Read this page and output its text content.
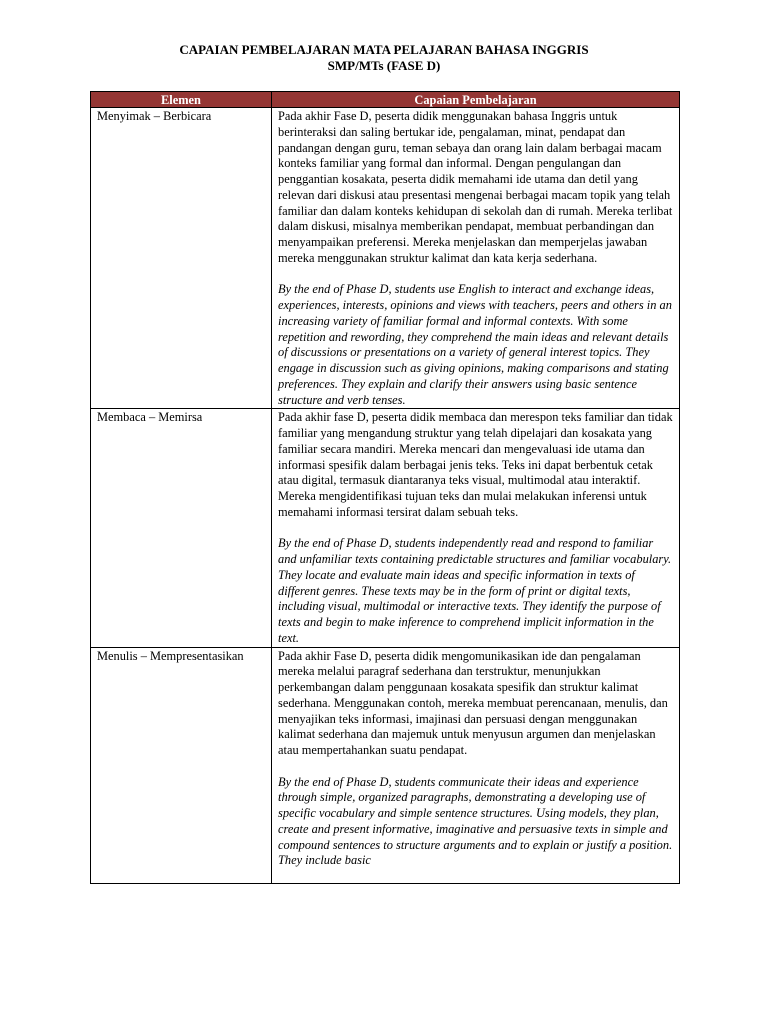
CAPAIAN PEMBELAJARAN MATA PELAJARAN BAHASA INGGRIS
SMP/MTs (FASE D)
Elemen	Capaian Pembelajaran
Menyimak – Berbicara	Pada akhir Fase D, peserta didik menggunakan bahasa Inggris untuk berinteraksi dan saling bertukar ide, pengalaman, minat, pendapat dan pandangan dengan guru, teman sebaya dan orang lain dalam berbagai macam konteks familiar yang formal dan informal. Dengan pengulangan dan penggantian kosakata, peserta didik memahami ide utama dan detil yang relevan dari diskusi atau presentasi mengenai berbagai macam topik yang telah familiar dan dalam konteks kehidupan di sekolah dan di rumah. Mereka terlibat dalam diskusi, misalnya memberikan pendapat, membuat perbandingan dan menyampaikan preferensi. Mereka menjelaskan dan memperjelas jawaban mereka menggunakan struktur kalimat dan kata kerja sederhana.

By the end of Phase D, students use English to interact and exchange ideas, experiences, interests, opinions and views with teachers, peers and others in an increasing variety of familiar formal and informal contexts. With some repetition and rewording, they comprehend the main ideas and relevant details of discussions or presentations on a variety of general interest topics. They engage in discussion such as giving opinions, making comparisons and stating preferences. They explain and clarify their answers using basic sentence structure and verb tenses.

Membaca – Memirsa	Pada akhir fase D, peserta didik membaca dan merespon teks familiar dan tidak familiar yang mengandung struktur yang telah dipelajari dan kosakata yang familiar secara mandiri. Mereka mencari dan mengevaluasi ide utama dan informasi spesifik dalam berbagai jenis teks. Teks ini dapat berbentuk cetak atau digital, termasuk diantaranya teks visual, multimodal atau interaktif. Mereka mengidentifikasi tujuan teks dan mulai melakukan inferensi untuk memahami informasi tersirat dalam sebuah teks.

By the end of Phase D, students independently read and respond to familiar and unfamiliar texts containing predictable structures and familiar vocabulary. They locate and evaluate main ideas and specific information in texts of different genres. These texts may be in the form of print or digital texts, including visual, multimodal or interactive texts. They identify the purpose of texts and begin to make inference to comprehend implicit information in the text.

Menulis – Mempresentasikan	Pada akhir Fase D, peserta didik mengomunikasikan ide dan pengalaman mereka melalui paragraf sederhana dan terstruktur, menunjukkan perkembangan dalam penggunaan kosakata spesifik dan struktur kalimat sederhana. Menggunakan contoh, mereka membuat perencanaan, menulis, dan menyajikan teks informasi, imajinasi dan persuasi dengan menggunakan kalimat sederhana dan majemuk untuk menyusun argumen dan menjelaskan atau mempertahankan suatu pendapat.

By the end of Phase D, students communicate their ideas and experience through simple, organized paragraphs, demonstrating a developing use of specific vocabulary and simple sentence structures. Using models, they plan, create and present informative, imaginative and persuasive texts in simple and compound sentences to structure arguments and to explain or justify a position. They include basic
